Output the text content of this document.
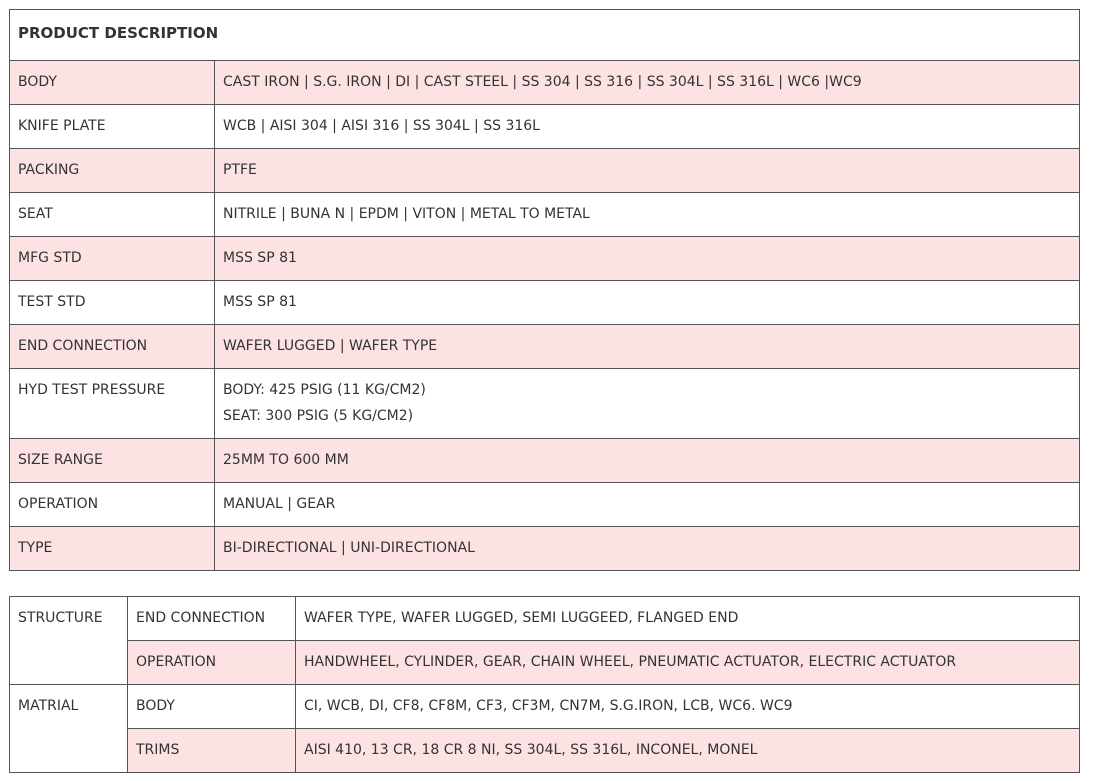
PRODUCT DESCRIPTION	
BODY	CAST IRON | S.G. IRON | DI | CAST STEEL | SS 304 | SS 316 | SS 304L | SS 316L | WC6 |WC9
KNIFE PLATE	WCB | AISI 304 | AISI 316 | SS 304L | SS 316L
PACKING	PTFE
SEAT	NITRILE | BUNA N | EPDM | VITON | METAL TO METAL
MFG STD	MSS SP 81
TEST STD	MSS SP 81
END CONNECTION	WAFER LUGGED | WAFER TYPE
HYD TEST PRESSURE	BODY: 425 PSIG (11 KG/CM2)
SEAT: 300 PSIG (5 KG/CM2)

SIZE RANGE	25MM TO 600 MM
OPERATION	MANUAL | GEAR
TYPE	BI-DIRECTIONAL | UNI-DIRECTIONAL
STRUCTURE	END CONNECTION	WAFER TYPE, WAFER LUGGED, SEMI LUGGEED, FLANGED END
	OPERATION	HANDWHEEL, CYLINDER, GEAR, CHAIN WHEEL, PNEUMATIC ACTUATOR, ELECTRIC ACTUATOR
MATRIAL	BODY	CI, WCB, DI, CF8, CF8M, CF3, CF3M, CN7M, S.G.IRON, LCB, WC6. WC9
	TRIMS	AISI 410, 13 CR, 18 CR 8 NI, SS 304L, SS 316L, INCONEL, MONEL
